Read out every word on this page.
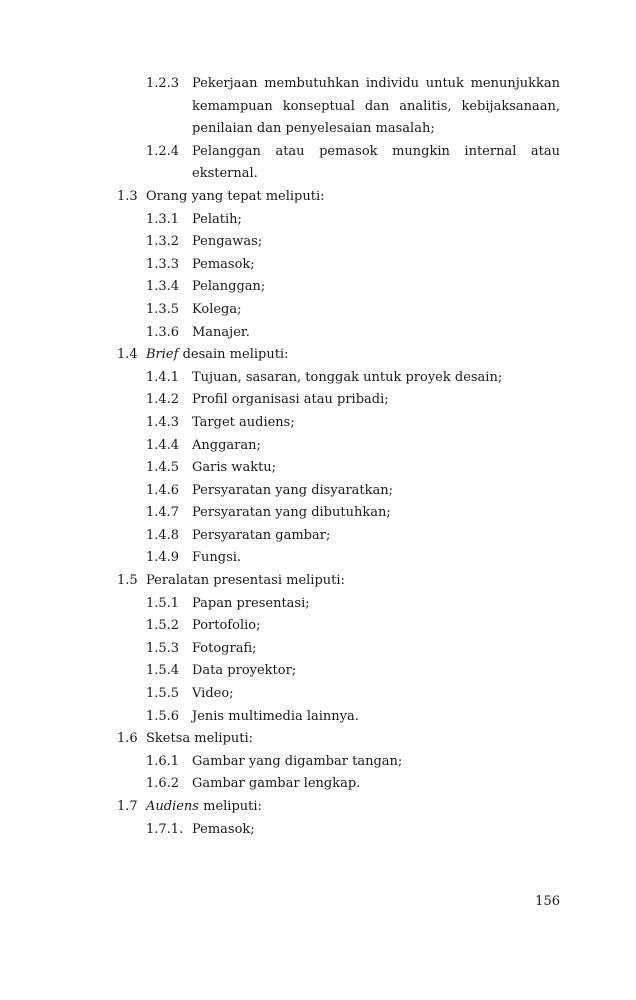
1.2.3 Pekerjaan membutuhkan individu untuk menunjukkan
kemampuan konseptual dan analitis, kebijaksanaan,
penilaian dan penyelesaian masalah;
1.2.4 Pelanggan atau pemasok mungkin internal atau
eksternal.
1.3 Orang yang tepat meliputi:
1.3.1 Pelatih;
1.3.2 Pengawas;
1.3.3 Pemasok;
1.3.4 Pelanggan;
1.3.5 Kolega;
1.3.6 Manajer.
1.4 Brief desain meliputi:
1.4.1 Tujuan, sasaran, tonggak untuk proyek desain;
1.4.2 Profil organisasi atau pribadi;
1.4.3 Target audiens;
1.4.4 Anggaran;
1.4.5 Garis waktu;
1.4.6 Persyaratan yang disyaratkan;
1.4.7 Persyaratan yang dibutuhkan;
1.4.8 Persyaratan gambar;
1.4.9 Fungsi.
1.5 Peralatan presentasi meliputi:
1.5.1 Papan presentasi;
1.5.2 Portofolio;
1.5.3 Fotografi;
1.5.4 Data proyektor;
1.5.5 Video;
1.5.6 Jenis multimedia lainnya.
1.6 Sketsa meliputi:
1.6.1 Gambar yang digambar tangan;
1.6.2 Gambar gambar lengkap.
1.7 Audiens meliputi:
1.7.1. Pemasok;
156
